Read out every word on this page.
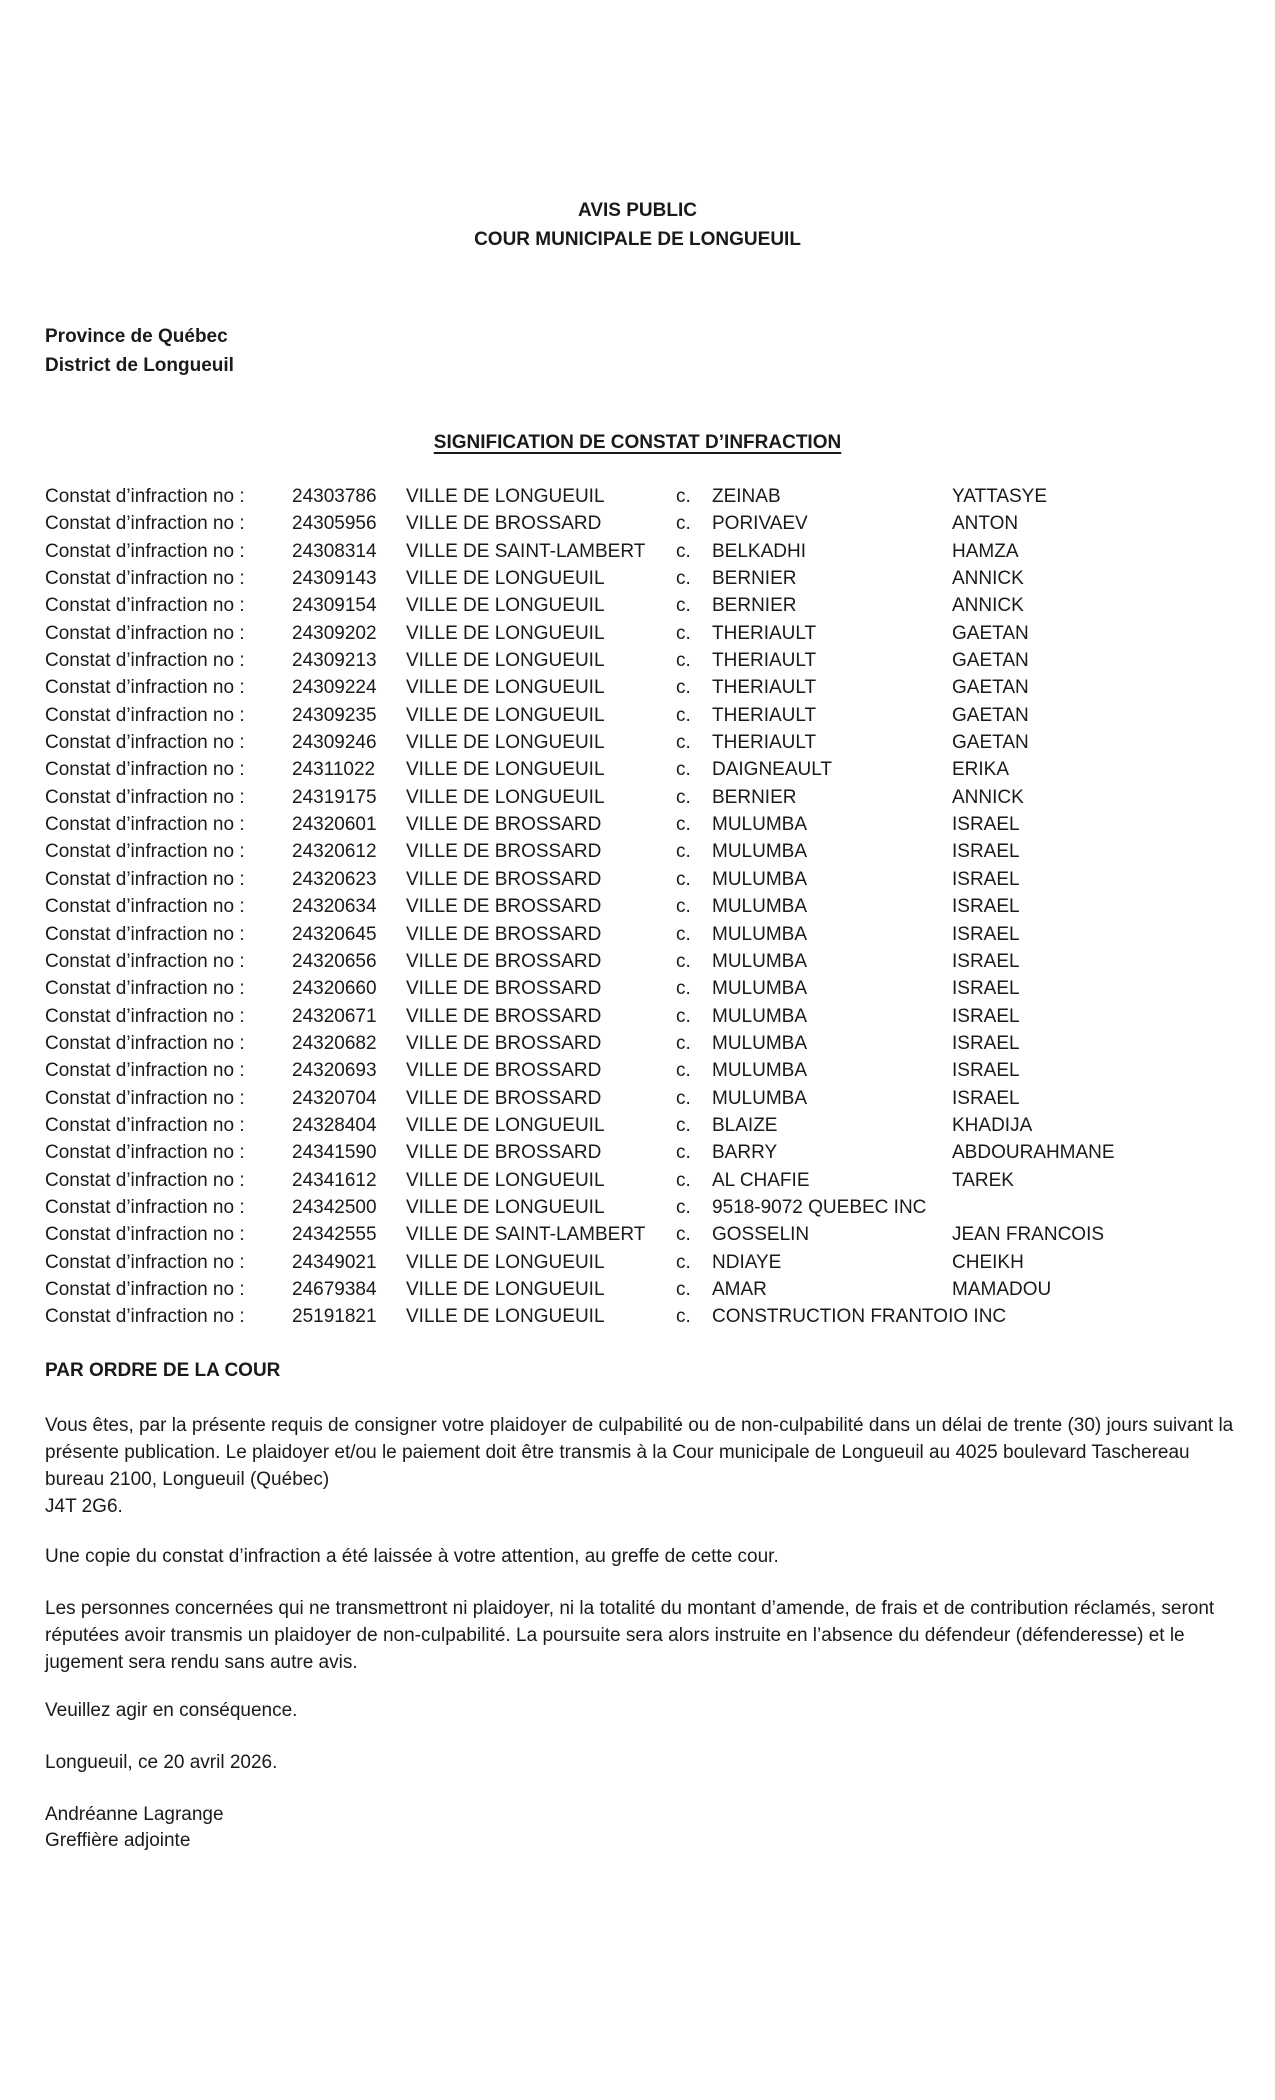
AVIS PUBLIC
COUR MUNICIPALE DE LONGUEUIL
Province de Québec
District de Longueuil
SIGNIFICATION DE CONSTAT D’INFRACTION
Constat d’infraction no : 24303786 VILLE DE LONGUEUIL	c. ZEINAB	YATTASYE
Constat d’infraction no : 24305956 VILLE DE BROSSARD	c. PORIVAEV	ANTON
Constat d’infraction no : 24308314 VILLE DE SAINT-LAMBERT c. BELKADHI	HAMZA
Constat d’infraction no : 24309143 VILLE DE LONGUEUIL	c. BERNIER	ANNICK
Constat d’infraction no : 24309154 VILLE DE LONGUEUIL	c. BERNIER	ANNICK
Constat d’infraction no : 24309202 VILLE DE LONGUEUIL	c. THERIAULT	GAETAN
Constat d’infraction no : 24309213 VILLE DE LONGUEUIL	c. THERIAULT	GAETAN
Constat d’infraction no : 24309224 VILLE DE LONGUEUIL	c. THERIAULT	GAETAN
Constat d’infraction no : 24309235 VILLE DE LONGUEUIL	c. THERIAULT	GAETAN
Constat d’infraction no : 24309246 VILLE DE LONGUEUIL	c. THERIAULT	GAETAN
Constat d’infraction no : 24311022 VILLE DE LONGUEUIL	c. DAIGNEAULT	ERIKA
Constat d’infraction no : 24319175 VILLE DE LONGUEUIL	c. BERNIER	ANNICK
Constat d’infraction no : 24320601 VILLE DE BROSSARD	c. MULUMBA	ISRAEL
Constat d’infraction no : 24320612 VILLE DE BROSSARD	c. MULUMBA	ISRAEL
Constat d’infraction no : 24320623 VILLE DE BROSSARD	c. MULUMBA	ISRAEL
Constat d’infraction no : 24320634 VILLE DE BROSSARD	c. MULUMBA	ISRAEL
Constat d’infraction no : 24320645 VILLE DE BROSSARD	c. MULUMBA	ISRAEL
Constat d’infraction no : 24320656 VILLE DE BROSSARD	c. MULUMBA	ISRAEL
Constat d’infraction no : 24320660 VILLE DE BROSSARD	c. MULUMBA	ISRAEL
Constat d’infraction no : 24320671 VILLE DE BROSSARD	c. MULUMBA	ISRAEL
Constat d’infraction no : 24320682 VILLE DE BROSSARD	c. MULUMBA	ISRAEL
Constat d’infraction no : 24320693 VILLE DE BROSSARD	c. MULUMBA	ISRAEL
Constat d’infraction no : 24320704 VILLE DE BROSSARD	c. MULUMBA	ISRAEL
Constat d’infraction no : 24328404 VILLE DE LONGUEUIL	c. BLAIZE	KHADIJA
Constat d’infraction no : 24341590 VILLE DE BROSSARD	c. BARRY	ABDOURAHMANE
Constat d’infraction no : 24341612 VILLE DE LONGUEUIL	c. AL CHAFIE	TAREK
Constat d’infraction no : 24342500 VILLE DE LONGUEUIL	c. 9518-9072 QUEBEC INC
Constat d’infraction no : 24342555 VILLE DE SAINT-LAMBERT c. GOSSELIN	JEAN FRANCOIS
Constat d’infraction no : 24349021 VILLE DE LONGUEUIL	c. NDIAYE	CHEIKH
Constat d’infraction no : 24679384 VILLE DE LONGUEUIL	c. AMAR	MAMADOU
Constat d’infraction no : 25191821 VILLE DE LONGUEUIL	c. CONSTRUCTION FRANTOIO INC
PAR ORDRE DE LA COUR
Vous êtes, par la présente requis de consigner votre plaidoyer de culpabilité ou de non-culpabilité dans un délai de trente (30) jours suivant la présente publication. Le plaidoyer et/ou le paiement doit être transmis à la Cour municipale de Longueuil au 4025 boulevard Taschereau bureau 2100, Longueuil (Québec)
J4T 2G6.
Une copie du constat d’infraction a été laissée à votre attention, au greffe de cette cour.
Les personnes concernées qui ne transmettront ni plaidoyer, ni la totalité du montant d’amende, de frais et de contribution réclamés, seront réputées avoir transmis un plaidoyer de non-culpabilité. La poursuite sera alors instruite en l’absence du défendeur (défenderesse) et le jugement sera rendu sans autre avis.
Veuillez agir en conséquence.
Longueuil, ce 20 avril 2026.
Andréanne Lagrange
Greffière adjointe
